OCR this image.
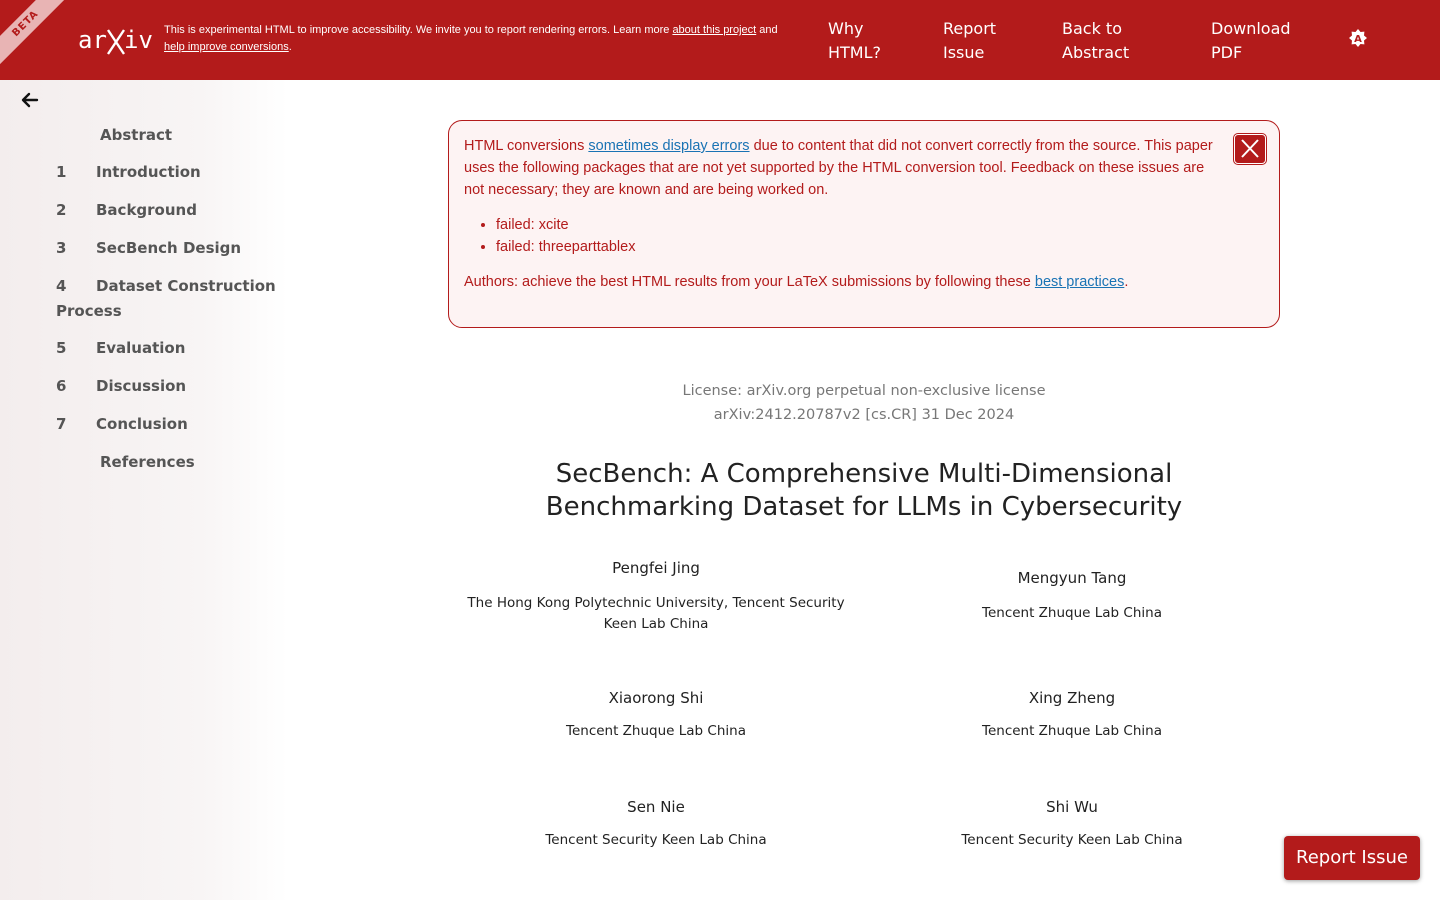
BETA
ar iv This is experimental HTML to improve accessibility. We invite you to report rendering errors. Learn more about this project and
help improve conversions.
Why HTML?
Report Issue
Back to Abstract
Download PDF
A
Abstract
1 Introduction
2 Background
3 SecBench Design
4	Dataset Construction Process
5 Evaluation
6 Discussion
7 Conclusion
References

HTML conversions sometimes display errors due to content that did not convert correctly from the source. This paper uses the following packages that are not yet supported by the HTML conversion tool. Feedback on these issues are not necessary; they are known and are being worked on.

• failed: xcite
• failed: threeparttablex

Authors: achieve the best HTML results from your LaTeX submissions by following these best practices.

License: arXiv.org perpetual non-exclusive license
arXiv:2412.20787v2 [cs.CR] 31 Dec 2024
SecBench: A Comprehensive Multi-Dimensional
Benchmarking Dataset for LLMs in Cybersecurity
Pengfei Jing
The Hong Kong Polytechnic University, Tencent Security Keen Lab China
Mengyun Tang
Tencent Zhuque Lab China
Xiaorong Shi
Tencent Zhuque Lab China
Xing Zheng
Tencent Zhuque Lab China
Sen Nie
Tencent Security Keen Lab China
Shi Wu
Tencent Security Keen Lab China
Report Issue
